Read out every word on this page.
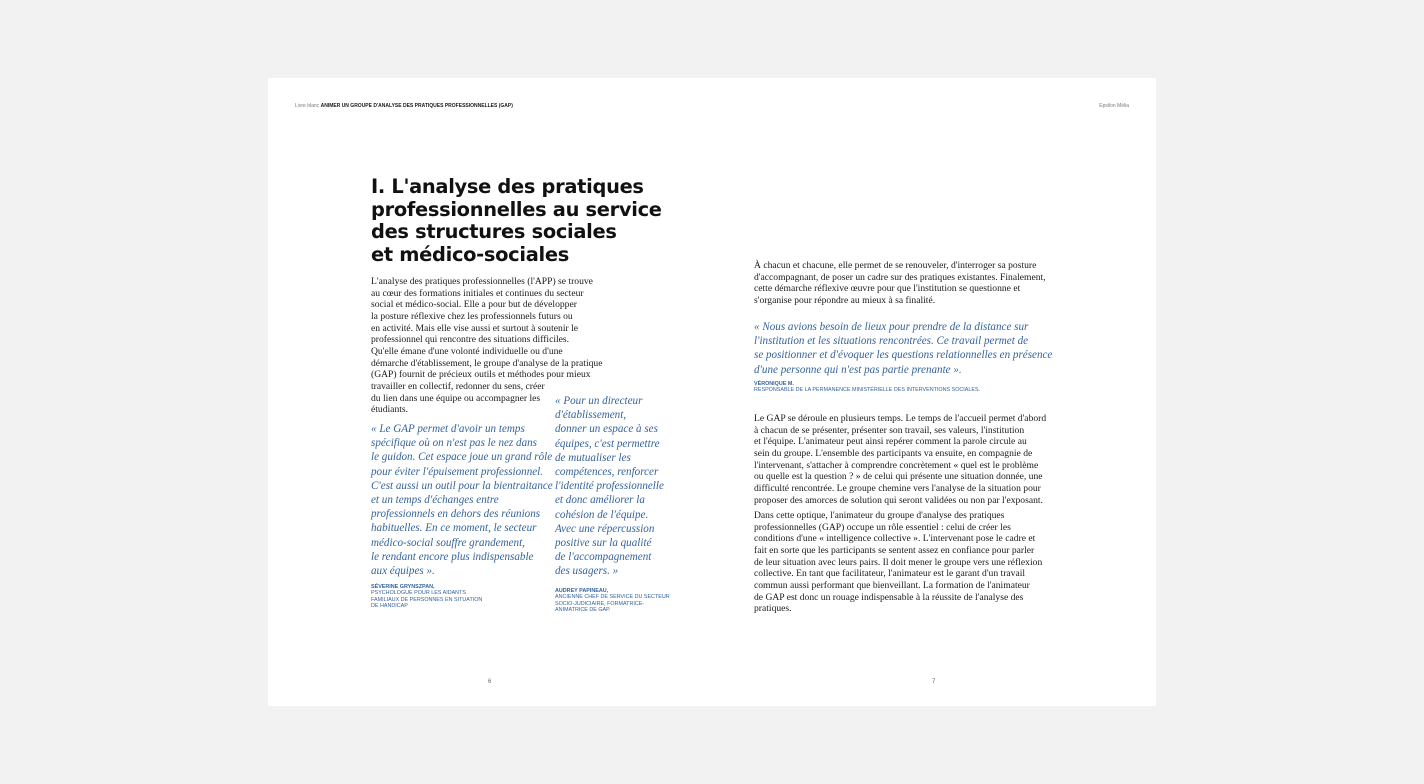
Livre blanc ANIMER UN GROUPE D'ANALYSE DES PRATIQUES PROFESSIONNELLES (GAP)	Epsilon Mélia
I. L'analyse des pratiques
professionnelles au service
des structures sociales
et médico-sociales
L'analyse des pratiques professionnelles (l'APP) se trouve
au cœur des formations initiales et continues du secteur
social et médico-social. Elle a pour but de développer
la posture réflexive chez les professionnels futurs ou
en activité. Mais elle vise aussi et surtout à soutenir le
professionnel qui rencontre des situations difficiles.
Qu'elle émane d'une volonté individuelle ou d'une
démarche d'établissement, le groupe d'analyse de la pratique
(GAP) fournit de précieux outils et méthodes pour mieux
travailler en collectif, redonner du sens, créer
du lien dans une équipe ou accompagner les
étudiants.
« Le GAP permet d'avoir un temps
spécifique où on n'est pas le nez dans
le guidon. Cet espace joue un grand rôle
pour éviter l'épuisement professionnel.
C'est aussi un outil pour la bientraitance
et un temps d'échanges entre
professionnels en dehors des réunions
habituelles. En ce moment, le secteur
médico-social souffre grandement,
le rendant encore plus indispensable
aux équipes ».
SÉVERINE GRYNSZPAN,
PSYCHOLOGUE POUR LES AIDANTS
FAMILIAUX DE PERSONNES EN SITUATION
DE HANDICAP
« Pour un directeur
d'établissement,
donner un espace à ses
équipes, c'est permettre
de mutualiser les
compétences, renforcer
l'identité professionnelle
et donc améliorer la
cohésion de l'équipe.
Avec une répercussion
positive sur la qualité
de l'accompagnement
des usagers. »
AUDREY PAPINEAU,
ANCIENNE CHEF DE SERVICE DU SECTEUR
SOCIO-JUDICIAIRE, FORMATRICE-
ANIMATRICE DE GAP.
6
À chacun et chacune, elle permet de se renouveler, d'interroger sa posture
d'accompagnant, de poser un cadre sur des pratiques existantes. Finalement,
cette démarche réflexive œuvre pour que l'institution se questionne et
s'organise pour répondre au mieux à sa finalité.
« Nous avions besoin de lieux pour prendre de la distance sur
l'institution et les situations rencontrées. Ce travail permet de
se positionner et d'évoquer les questions relationnelles en présence
d'une personne qui n'est pas partie prenante ».
VÉRONIQUE M.
RESPONSABLE DE LA PERMANENCE MINISTÉRIELLE DES INTERVENTIONS SOCIALES.
Le GAP se déroule en plusieurs temps. Le temps de l'accueil permet d'abord
à chacun de se présenter, présenter son travail, ses valeurs, l'institution
et l'équipe. L'animateur peut ainsi repérer comment la parole circule au
sein du groupe. L'ensemble des participants va ensuite, en compagnie de
l'intervenant, s'attacher à comprendre concrètement « quel est le problème
ou quelle est la question ? » de celui qui présente une situation donnée, une
difficulté rencontrée. Le groupe chemine vers l'analyse de la situation pour
proposer des amorces de solution qui seront validées ou non par l'exposant.
Dans cette optique, l'animateur du groupe d'analyse des pratiques
professionnelles (GAP) occupe un rôle essentiel : celui de créer les
conditions d'une « intelligence collective ». L'intervenant pose le cadre et
fait en sorte que les participants se sentent assez en confiance pour parler
de leur situation avec leurs pairs. Il doit mener le groupe vers une réflexion
collective. En tant que facilitateur, l'animateur est le garant d'un travail
commun aussi performant que bienveillant. La formation de l'animateur
de GAP est donc un rouage indispensable à la réussite de l'analyse des
pratiques.
7
